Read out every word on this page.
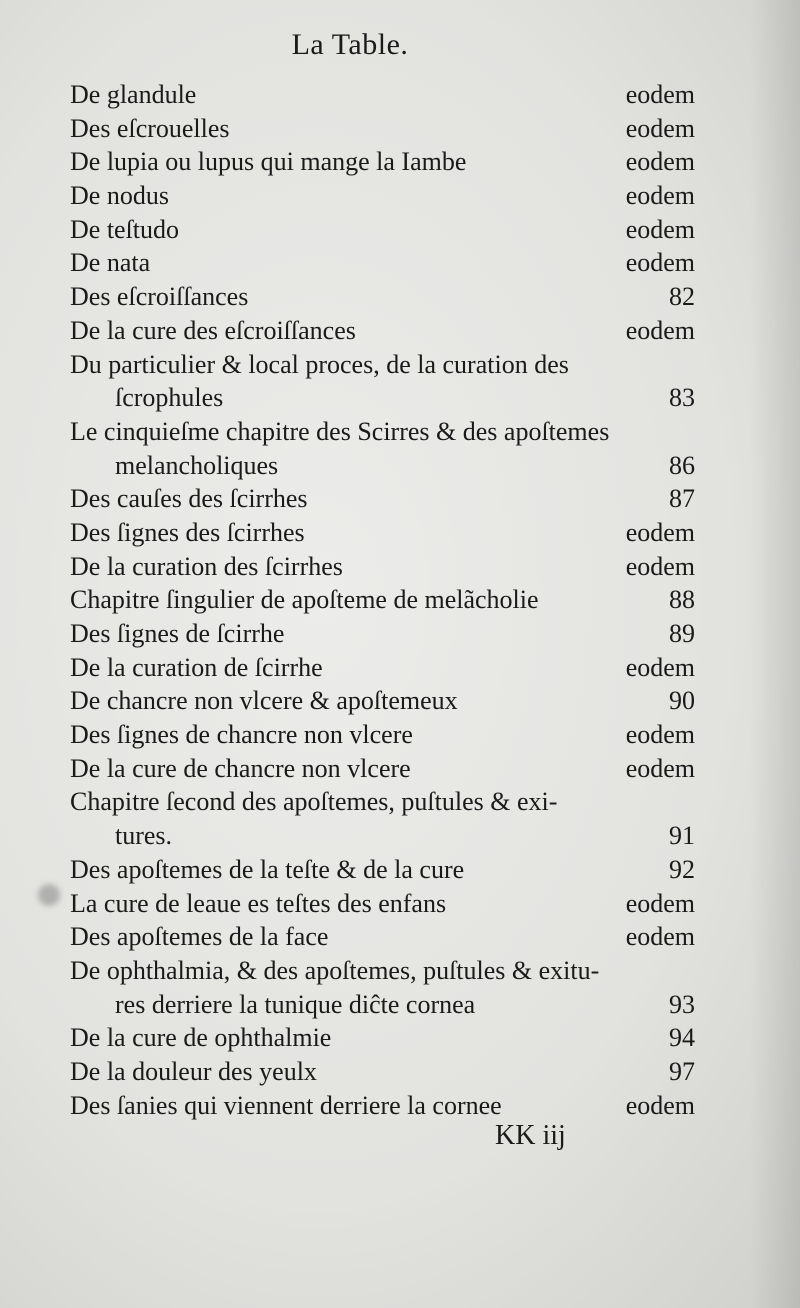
La Table.
De glandule	eodem
Des eſcrouelles	eodem
De lupia ou lupus qui mange la Iambe	eodem
De nodus	eodem
De teſtudo	eodem
De nata	eodem
Des eſcroiſſances	82
De la cure des eſcroiſſances	eodem
Du particulier & local proces, de la curation des
ſcrophules	83
Le cinquieſme chapitre des Scirres & des apoſtemes
melancholiques	86
Des cauſes des ſcirrhes	87
Des ſignes des ſcirrhes	eodem
De la curation des ſcirrhes	eodem
Chapitre ſingulier de apoſteme de melãcholie	88
Des ſignes de ſcirrhe	89
De la curation de ſcirrhe	eodem
De chancre non vlcere & apoſtemeux	90
Des ſignes de chancre non vlcere	eodem
De la cure de chancre non vlcere	eodem
Chapitre ſecond des apoſtemes, puſtules & exi-
tures.	91
Des apoſtemes de la teſte & de la cure	92
La cure de leaue es teſtes des enfans	eodem
Des apoſtemes de la face	eodem
De ophthalmia, & des apoſtemes, puſtules & exitu-
res derriere la tunique diĉte cornea	93
De la cure de ophthalmie	94
De la douleur des yeulx	97
Des ſanies qui viennent derriere la cornee	eodem
KK iij
